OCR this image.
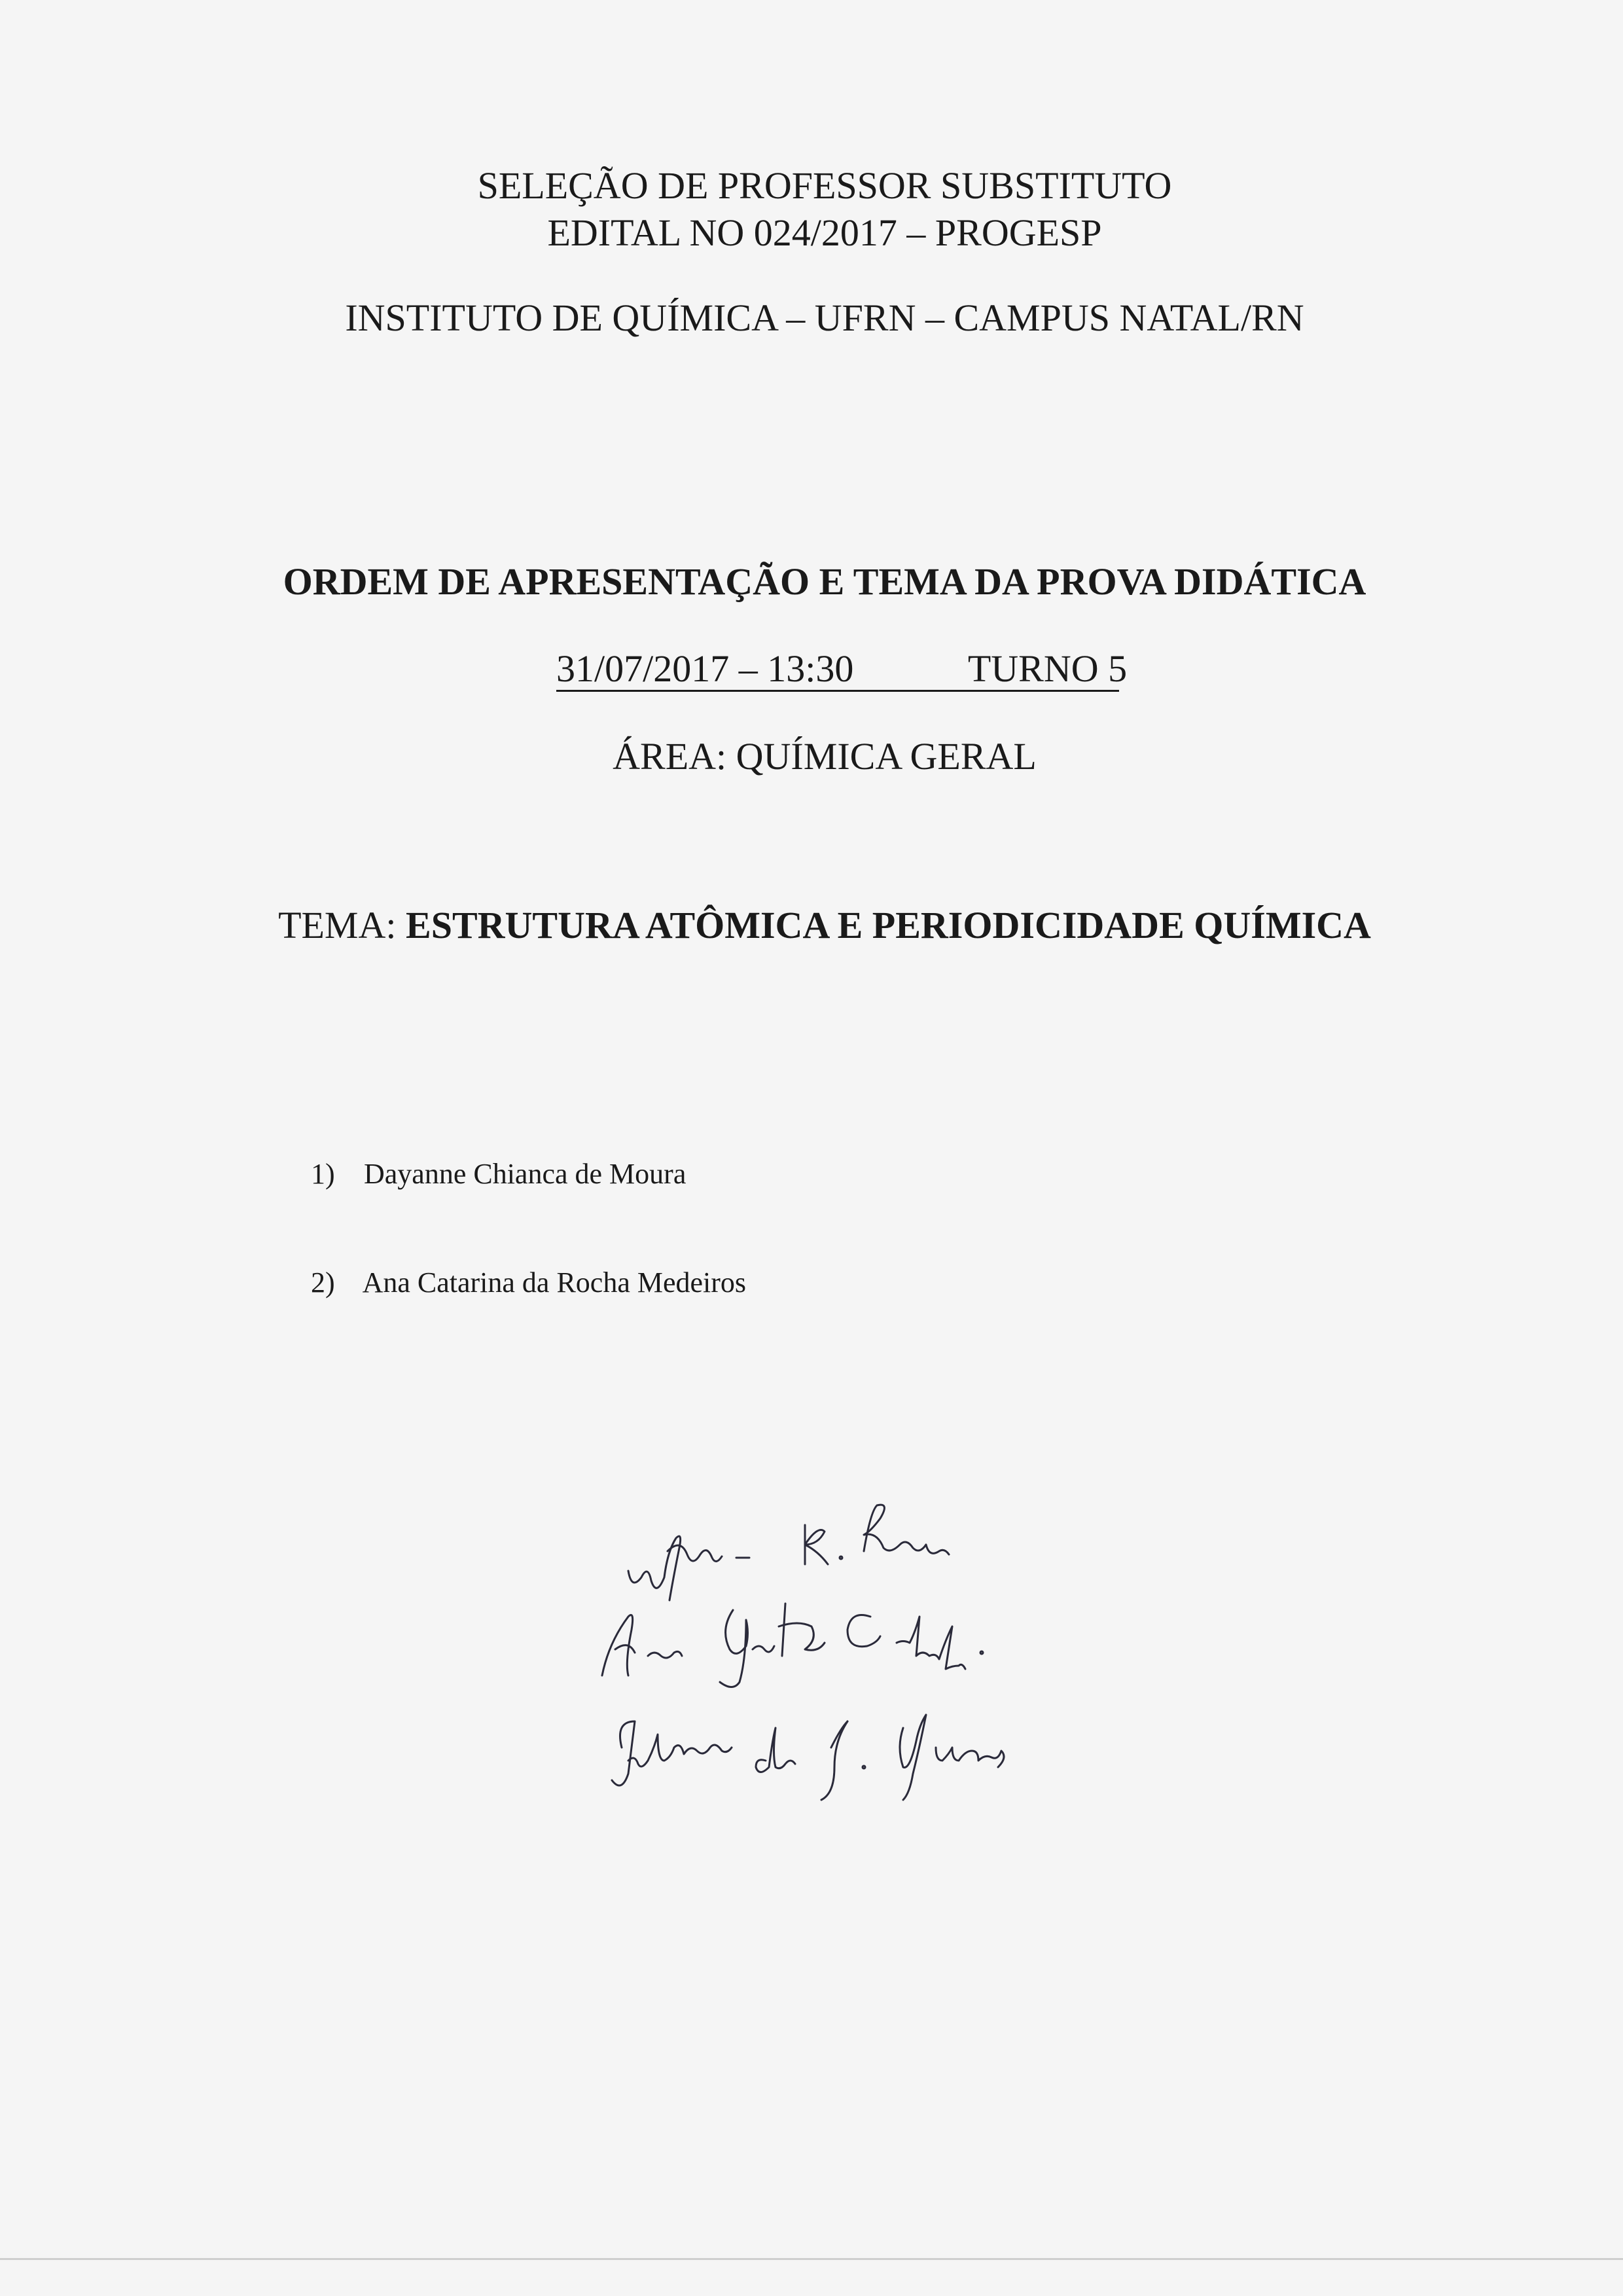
SELEÇÃO DE PROFESSOR SUBSTITUTO
EDITAL NO 024/2017 – PROGESP
INSTITUTO DE QUÍMICA – UFRN – CAMPUS NATAL/RN
ORDEM DE APRESENTAÇÃO E TEMA DA PROVA DIDÁTICA
31/07/2017 – 13:30	TURNO 5
ÁREA: QUÍMICA GERAL
TEMA: ESTRUTURA ATÔMICA E PERIODICIDADE QUÍMICA
1) Dayanne Chianca de Moura
2) Ana Catarina da Rocha Medeiros
